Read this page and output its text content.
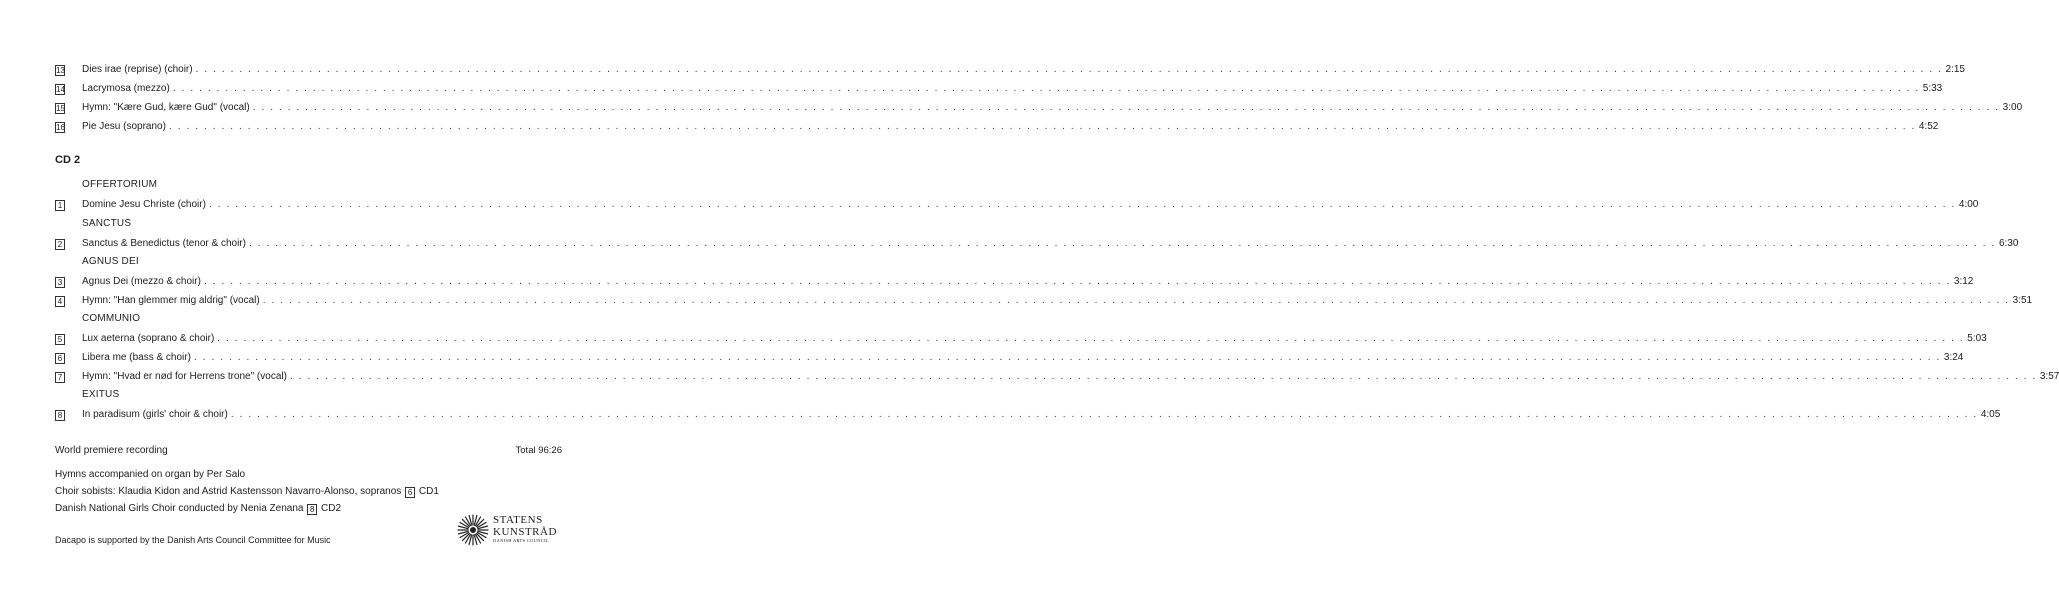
13 Dies irae (reprise) (choir) . . . . . . . . . . . . . . . . . . . . . . . . . . . . . . . . . . . . . . . . . . . . . . . . . . . . . . . . . . . . . . . . . . . . . . . . . . . . . . . . . . . . . . . . . . . . . . . . . . . . . . . . . . . . . . . . . . . . . . . . . . . . . . . . . . . . . . . . . . . . . . . . . . . . . . . . . . . . . . . . . . . . . . . . . . . . . . . . . . . . . . . . . . . . . . . . . . . . . . . . 2:15
14 Lacrymosa (mezzo) . . . . . . . . . . . . . . . . . . . . . . . . . . . . . . . . . . . . . . . . . . . . . . . . . . . . . . . . . . . . . . . . . . . . . . . . . . . . . . . . . . . . . . . . . . . . . . . . . . . . . . . . . . . . . . . . . . . . . . . . . . . . . . . . . . . . . . . . . . . . . . . . . . . . . . . . . . . . . . . . . . . . . . . . . . . . . . . . . . . . . . . . . . . . . . . . . . . . . . . . 5:33
15 Hymn: "Kære Gud, kære Gud" (vocal) . . . . . . . . . . . . . . . . . . . . . . . . . . . . . . . . . . . . . . . . . . . . . . . . . . . . . . . . . . . . . . . . . . . . . . . . . . . . . . . . . . . . . . . . . . . . . . . . . . . . . . . . . . . . . . . . . . . . . . . . . . . . . . . . . . . . . . . . . . . . . . . . . . . . . . . . . . . . . . . . . . . . . . . . . . . . . . . . . . . . . . . . . . . . . . . . . . . . . . . . 3:00
16 Pie Jesu (soprano) . . . . . . . . . . . . . . . . . . . . . . . . . . . . . . . . . . . . . . . . . . . . . . . . . . . . . . . . . . . . . . . . . . . . . . . . . . . . . . . . . . . . . . . . . . . . . . . . . . . . . . . . . . . . . . . . . . . . . . . . . . . . . . . . . . . . . . . . . . . . . . . . . . . . . . . . . . . . . . . . . . . . . . . . . . . . . . . . . . . . . . . . . . . . . . . . . . . . . . . . 4:52
CD 2
OFFERTORIUM
1 Domine Jesu Christe (choir) . . . . . . . . . . . . . . . . . . . . . . . . . . . . . . . . . . . . . . . . . . . . . . . . . . . . . . . . . . . . . . . . . . . . . . . . . . . . . . . . . . . . . . . . . . . . . . . . . . . . . . . . . . . . . . . . . . . . . . . . . . . . . . . . . . . . . . . . . . . . . . . . . . . . . . . . . . . . . . . . . . . . . . . . . . . . . . . . . . . . . . . . . . . . . . . . . . . . . . . . 4:00
SANCTUS
2 Sanctus & Benedictus (tenor & choir) . . . . . . . . . . . . . . . . . . . . . . . . . . . . . . . . . . . . . . . . . . . . . . . . . . . . . . . . . . . . . . . . . . . . . . . . . . . . . . . . . . . . . . . . . . . . . . . . . . . . . . . . . . . . . . . . . . . . . . . . . . . . . . . . . . . . . . . . . . . . . . . . . . . . . . . . . . . . . . . . . . . . . . . . . . . . . . . . . . . . . . . . . . . . . . . . . . . . . . . . 6:30
AGNUS DEI
3 Agnus Dei (mezzo & choir) . . . . . . . . . . . . . . . . . . . . . . . . . . . . . . . . . . . . . . . . . . . . . . . . . . . . . . . . . . . . . . . . . . . . . . . . . . . . . . . . . . . . . . . . . . . . . . . . . . . . . . . . . . . . . . . . . . . . . . . . . . . . . . . . . . . . . . . . . . . . . . . . . . . . . . . . . . . . . . . . . . . . . . . . . . . . . . . . . . . . . . . . . . . . . . . . . . . . . . . . 3:12
4 Hymn: "Han glemmer mig aldrig" (vocal) . . . . . . . . . . . . . . . . . . . . . . . . . . . . . . . . . . . . . . . . . . . . . . . . . . . . . . . . . . . . . . . . . . . . . . . . . . . . . . . . . . . . . . . . . . . . . . . . . . . . . . . . . . . . . . . . . . . . . . . . . . . . . . . . . . . . . . . . . . . . . . . . . . . . . . . . . . . . . . . . . . . . . . . . . . . . . . . . . . . . . . . . . . . . . . . . . . . . . . . . 3:51
COMMUNIO
5 Lux aeterna (soprano & choir) . . . . . . . . . . . . . . . . . . . . . . . . . . . . . . . . . . . . . . . . . . . . . . . . . . . . . . . . . . . . . . . . . . . . . . . . . . . . . . . . . . . . . . . . . . . . . . . . . . . . . . . . . . . . . . . . . . . . . . . . . . . . . . . . . . . . . . . . . . . . . . . . . . . . . . . . . . . . . . . . . . . . . . . . . . . . . . . . . . . . . . . . . . . . . . . . . . . . . . . . 5:03
6 Libera me (bass & choir) . . . . . . . . . . . . . . . . . . . . . . . . . . . . . . . . . . . . . . . . . . . . . . . . . . . . . . . . . . . . . . . . . . . . . . . . . . . . . . . . . . . . . . . . . . . . . . . . . . . . . . . . . . . . . . . . . . . . . . . . . . . . . . . . . . . . . . . . . . . . . . . . . . . . . . . . . . . . . . . . . . . . . . . . . . . . . . . . . . . . . . . . . . . . . . . . . . . . . . . . 3:24
7 Hymn: "Hvad er nød for Herrens trone" (vocal) . . . . . . . . . . . . . . . . . . . . . . . . . . . . . . . . . . . . . . . . . . . . . . . . . . . . . . . . . . . . . . . . . . . . . . . . . . . . . . . . . . . . . . . . . . . . . . . . . . . . . . . . . . . . . . . . . . . . . . . . . . . . . . . . . . . . . . . . . . . . . . . . . . . . . . . . . . . . . . . . . . . . . . . . . . . . . . . . . . . . . . . . . . . . . . . . . . . . . . . . 3:57
EXITUS
8 In paradisum (girls' choir & choir) . . . . . . . . . . . . . . . . . . . . . . . . . . . . . . . . . . . . . . . . . . . . . . . . . . . . . . . . . . . . . . . . . . . . . . . . . . . . . . . . . . . . . . . . . . . . . . . . . . . . . . . . . . . . . . . . . . . . . . . . . . . . . . . . . . . . . . . . . . . . . . . . . . . . . . . . . . . . . . . . . . . . . . . . . . . . . . . . . . . . . . . . . . . . . . . . . . . . . . . . 4:05
World premiere recording	Total 96:26
Hymns accompanied on organ by Per Salo
Choir sobists: Klaudia Kidon and Astrid Kastensson Navarro-Alonso, sopranos 6 CD1
Danish National Girls Choir conducted by Nenia Zenana 8 CD2
Dacapo is supported by the Danish Arts Council Committee for Music
STATENS
KUNSTRÅD
DANISH ARTS COUNCIL
